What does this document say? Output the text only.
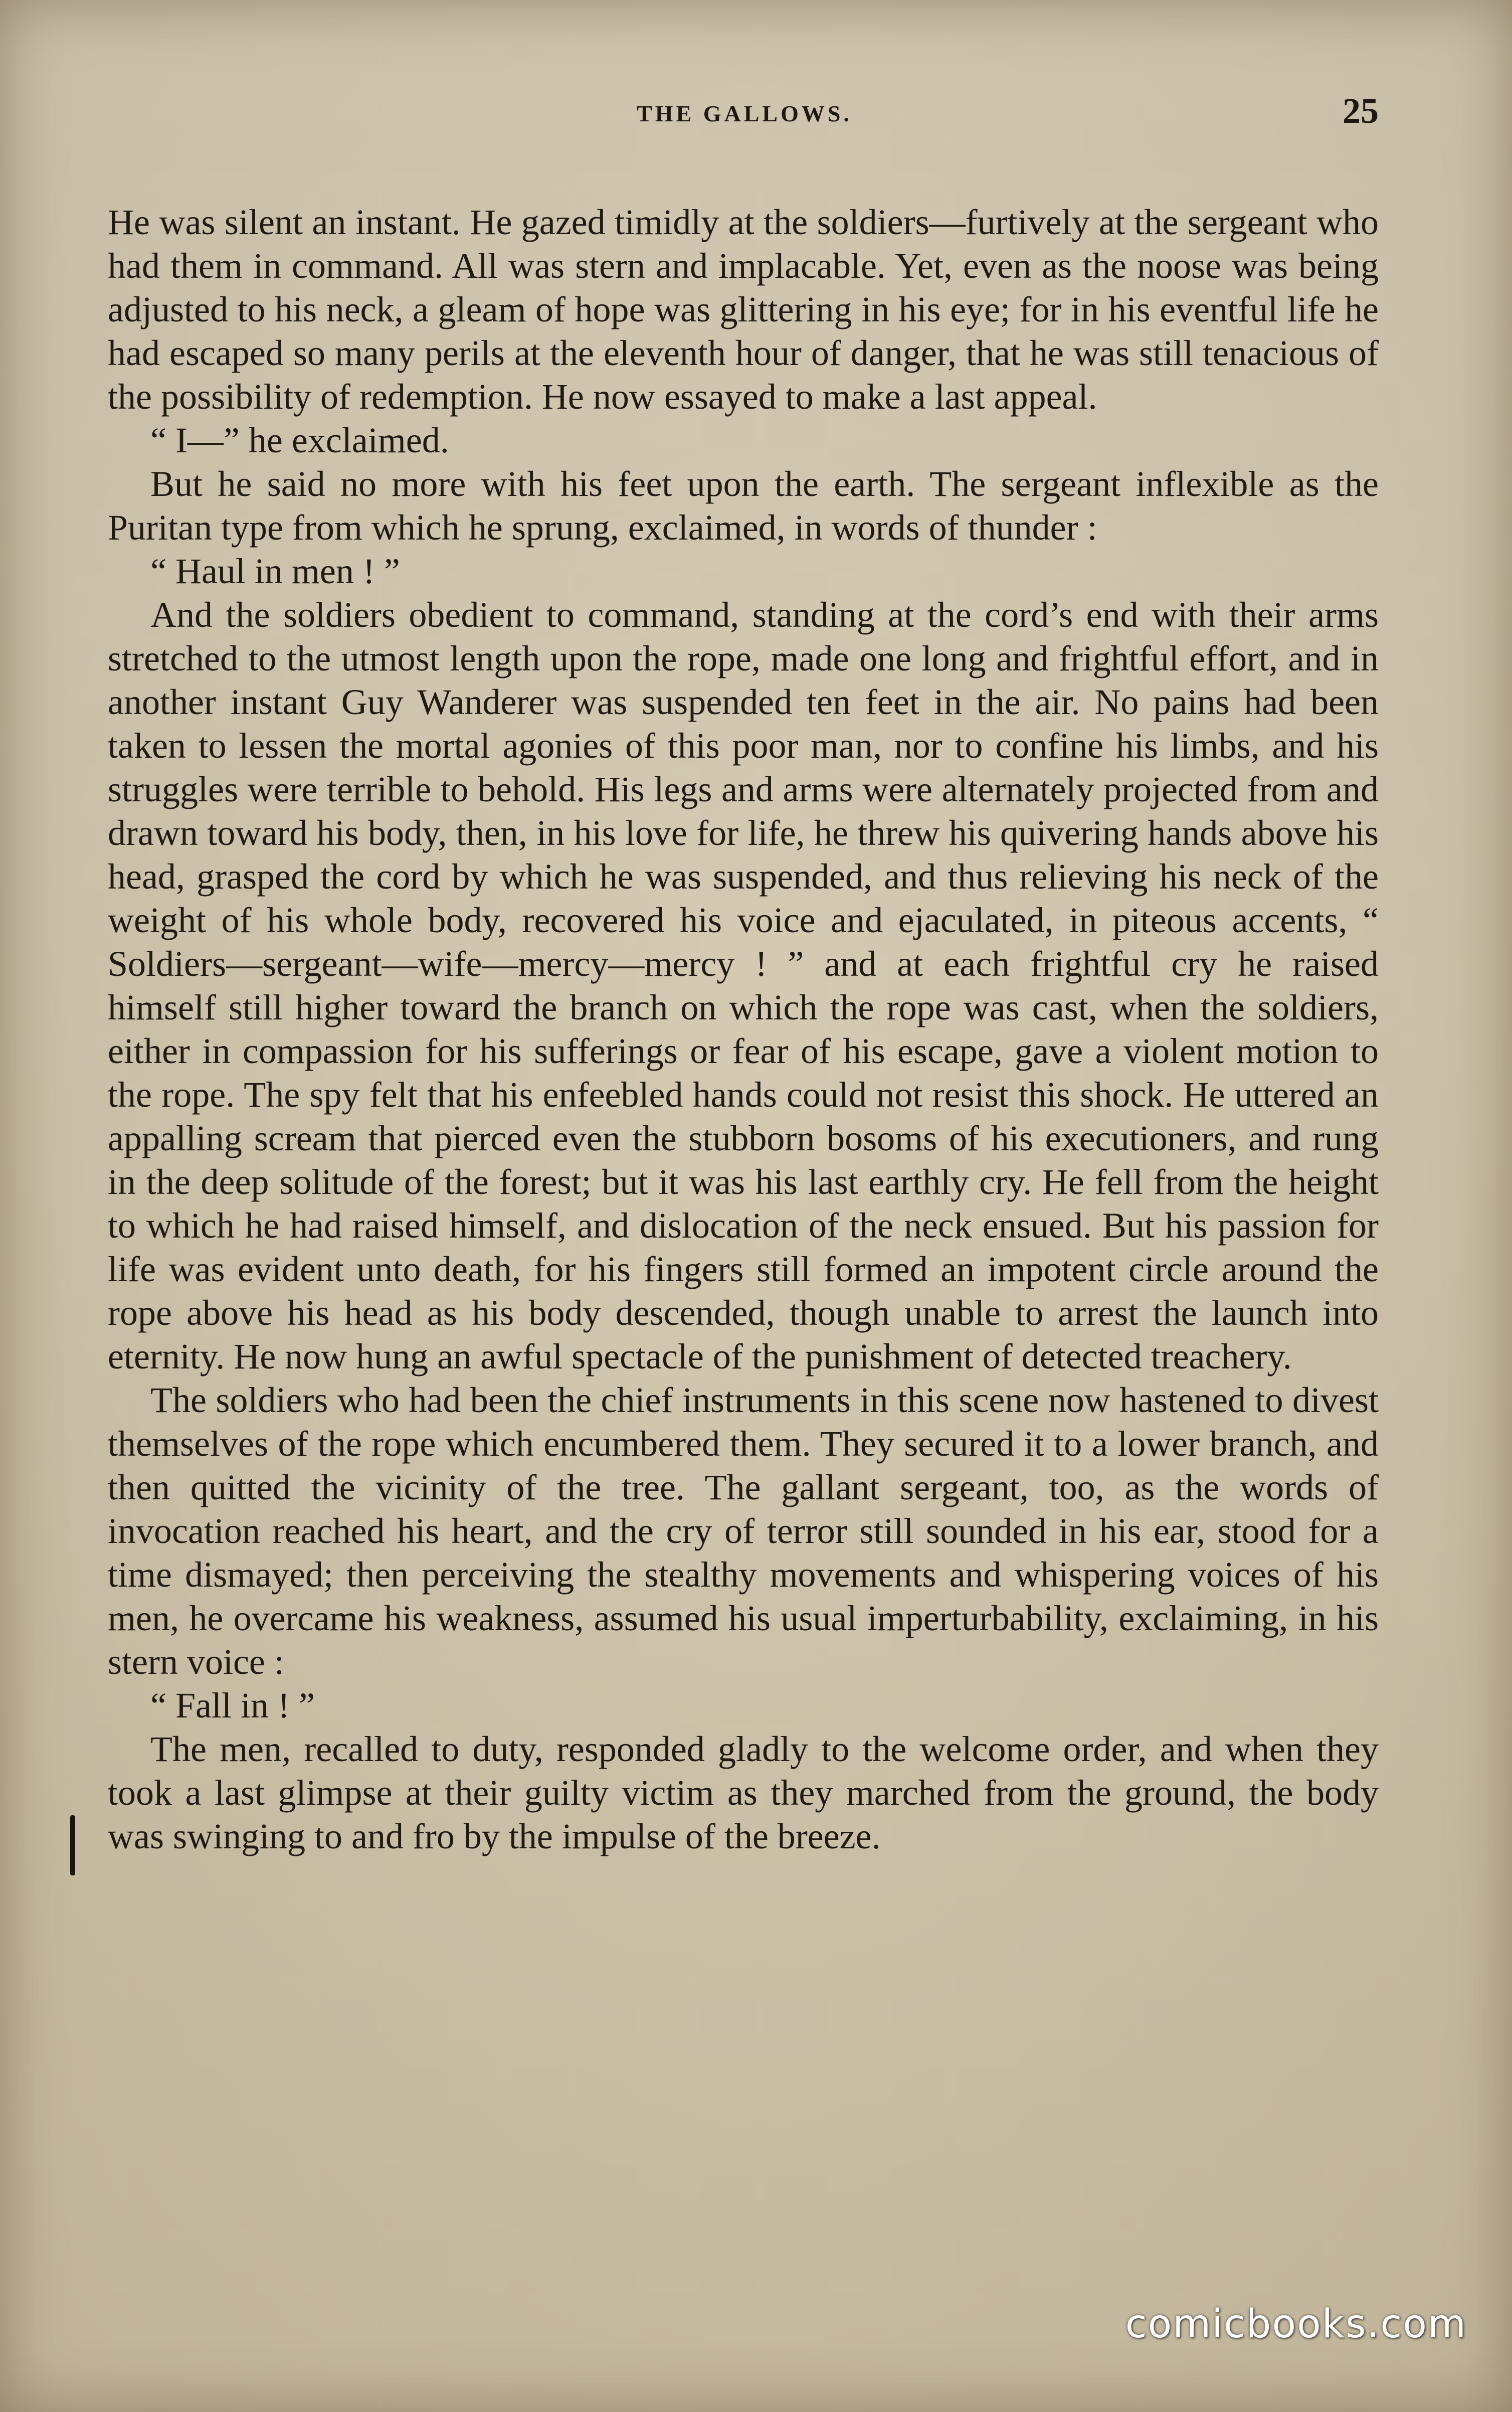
THE GALLOWS.	25

He was silent an instant. He gazed timidly at the soldiers—furtively at the sergeant who had them in command. All was stern and implacable. Yet, even as the noose was being adjusted to his neck, a gleam of hope was glittering in his eye; for in his eventful life he had escaped so many perils at the eleventh hour of danger, that he was still tenacious of the possibility of redemption. He now essayed to make a last appeal.

“ I—” he exclaimed.

But he said no more with his feet upon the earth. The sergeant inflexible as the Puritan type from which he sprung, exclaimed, in words of thunder :

“ Haul in men ! ”

And the soldiers obedient to command, standing at the cord’s end with their arms stretched to the utmost length upon the rope, made one long and frightful effort, and in another instant Guy Wanderer was suspended ten feet in the air. No pains had been taken to lessen the mortal agonies of this poor man, nor to confine his limbs, and his struggles were terrible to behold. His legs and arms were alternately projected from and drawn toward his body, then, in his love for life, he threw his quivering hands above his head, grasped the cord by which he was suspended, and thus relieving his neck of the weight of his whole body, recovered his voice and ejaculated, in piteous accents, “ Soldiers—sergeant—wife—mercy—mercy ! ” and at each frightful cry he raised himself still higher toward the branch on which the rope was cast, when the soldiers, either in compassion for his sufferings or fear of his escape, gave a violent motion to the rope. The spy felt that his enfeebled hands could not resist this shock. He uttered an appalling scream that pierced even the stubborn bosoms of his executioners, and rung in the deep solitude of the forest; but it was his last earthly cry. He fell from the height to which he had raised himself, and dislocation of the neck ensued. But his passion for life was evident unto death, for his fingers still formed an impotent circle around the rope above his head as his body descended, though unable to arrest the launch into eternity. He now hung an awful spectacle of the punishment of detected treachery.

The soldiers who had been the chief instruments in this scene now hastened to divest themselves of the rope which encumbered them. They secured it to a lower branch, and then quitted the vicinity of the tree. The gallant sergeant, too, as the words of invocation reached his heart, and the cry of terror still sounded in his ear, stood for a time dismayed; then perceiving the stealthy movements and whispering voices of his men, he overcame his weakness, assumed his usual imperturbability, exclaiming, in his stern voice :

“ Fall in ! ”

The men, recalled to duty, responded gladly to the welcome order, and when they took a last glimpse at their guilty victim as they marched from the ground, the body was swinging to and fro by the impulse of the breeze.

comicbooks.com
